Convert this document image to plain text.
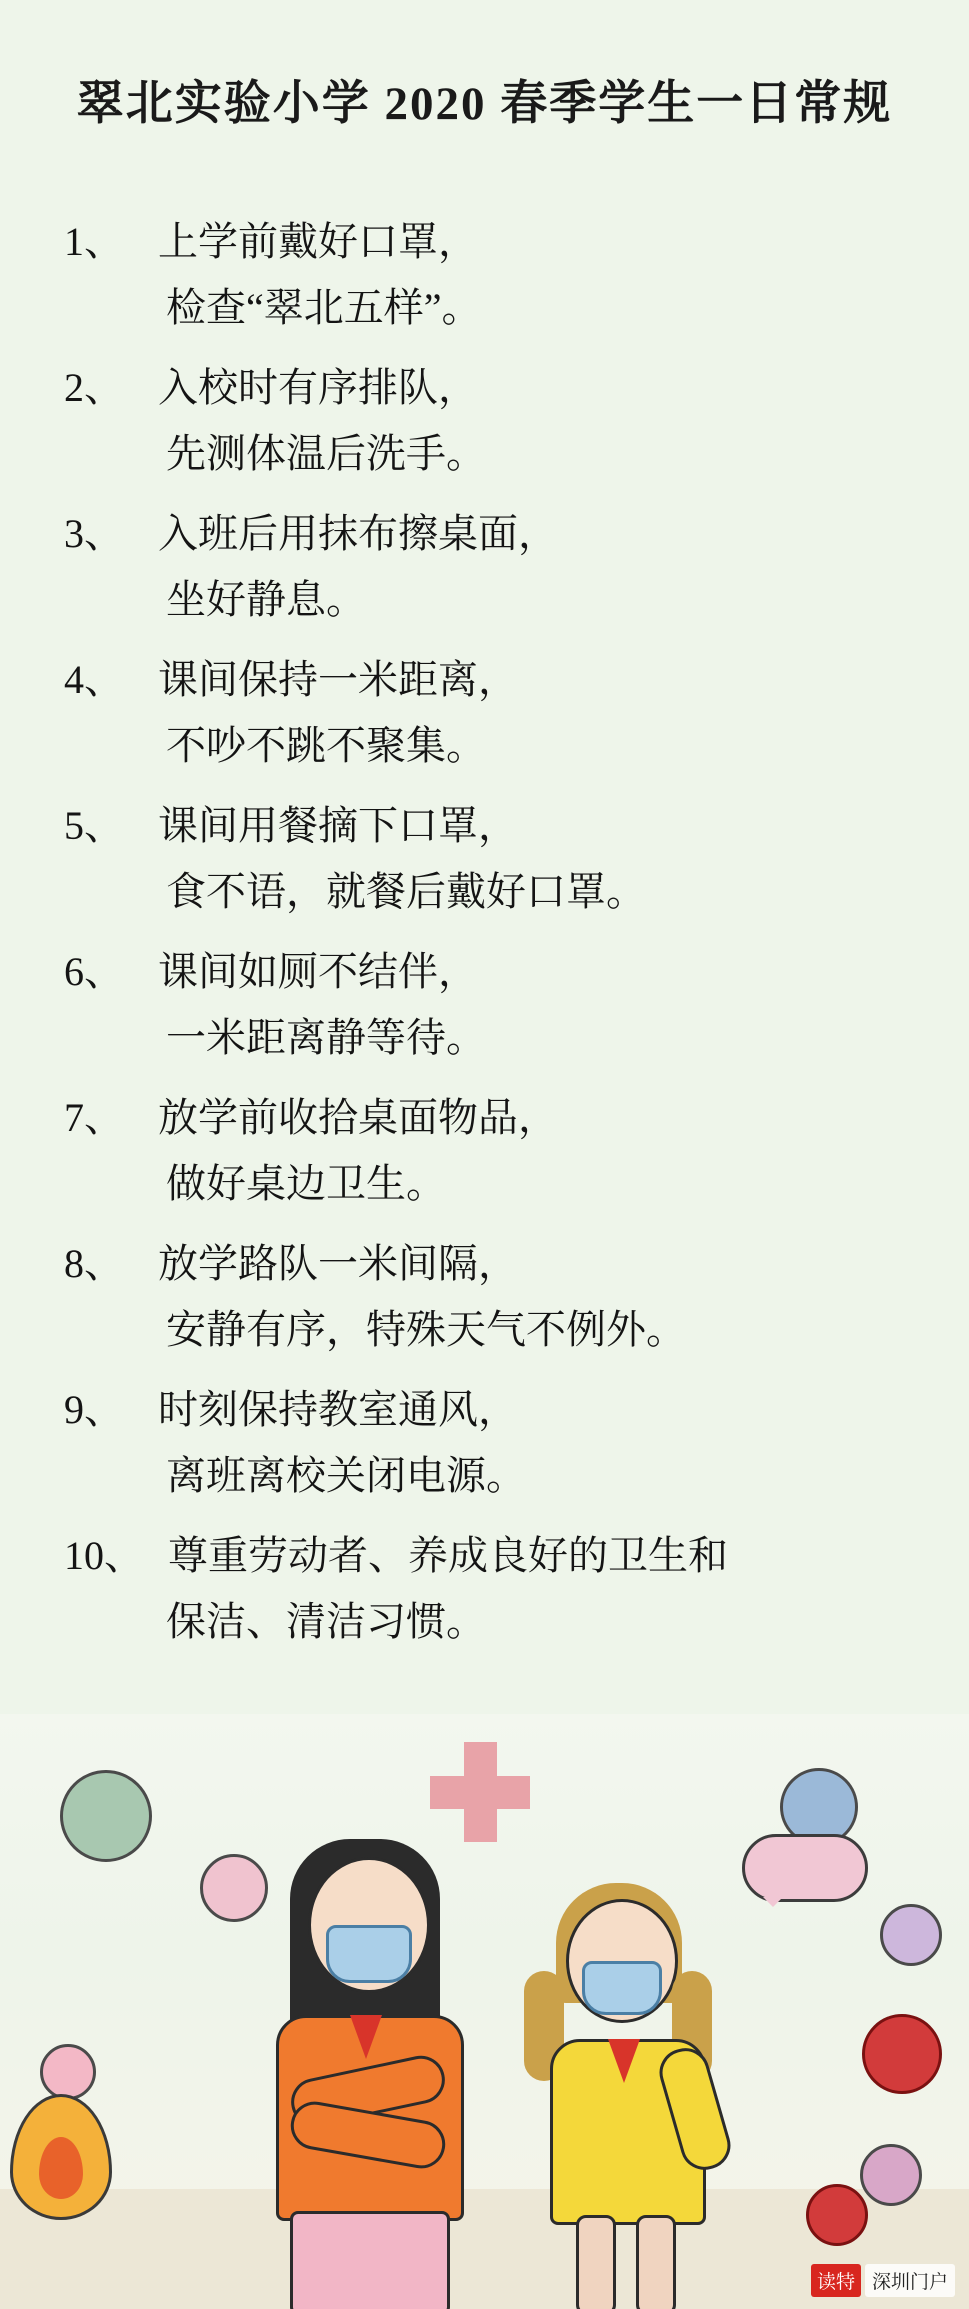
翠北实验小学 2020 春季学生一日常规
1、 上学前戴好口罩，
检查“翠北五样”。
2、 入校时有序排队，
先测体温后洗手。
3、 入班后用抹布擦桌面，
坐好静息。
4、 课间保持一米距离，
不吵不跳不聚集。
5、 课间用餐摘下口罩，
食不语，就餐后戴好口罩。
6、 课间如厕不结伴，
一米距离静等待。
7、 放学前收拾桌面物品，
做好桌边卫生。
8、 放学路队一米间隔，
安静有序，特殊天气不例外。
9、 时刻保持教室通风，
离班离校关闭电源。
10、 尊重劳动者、养成良好的卫生和
保洁、清洁习惯。
读特 深圳门户
